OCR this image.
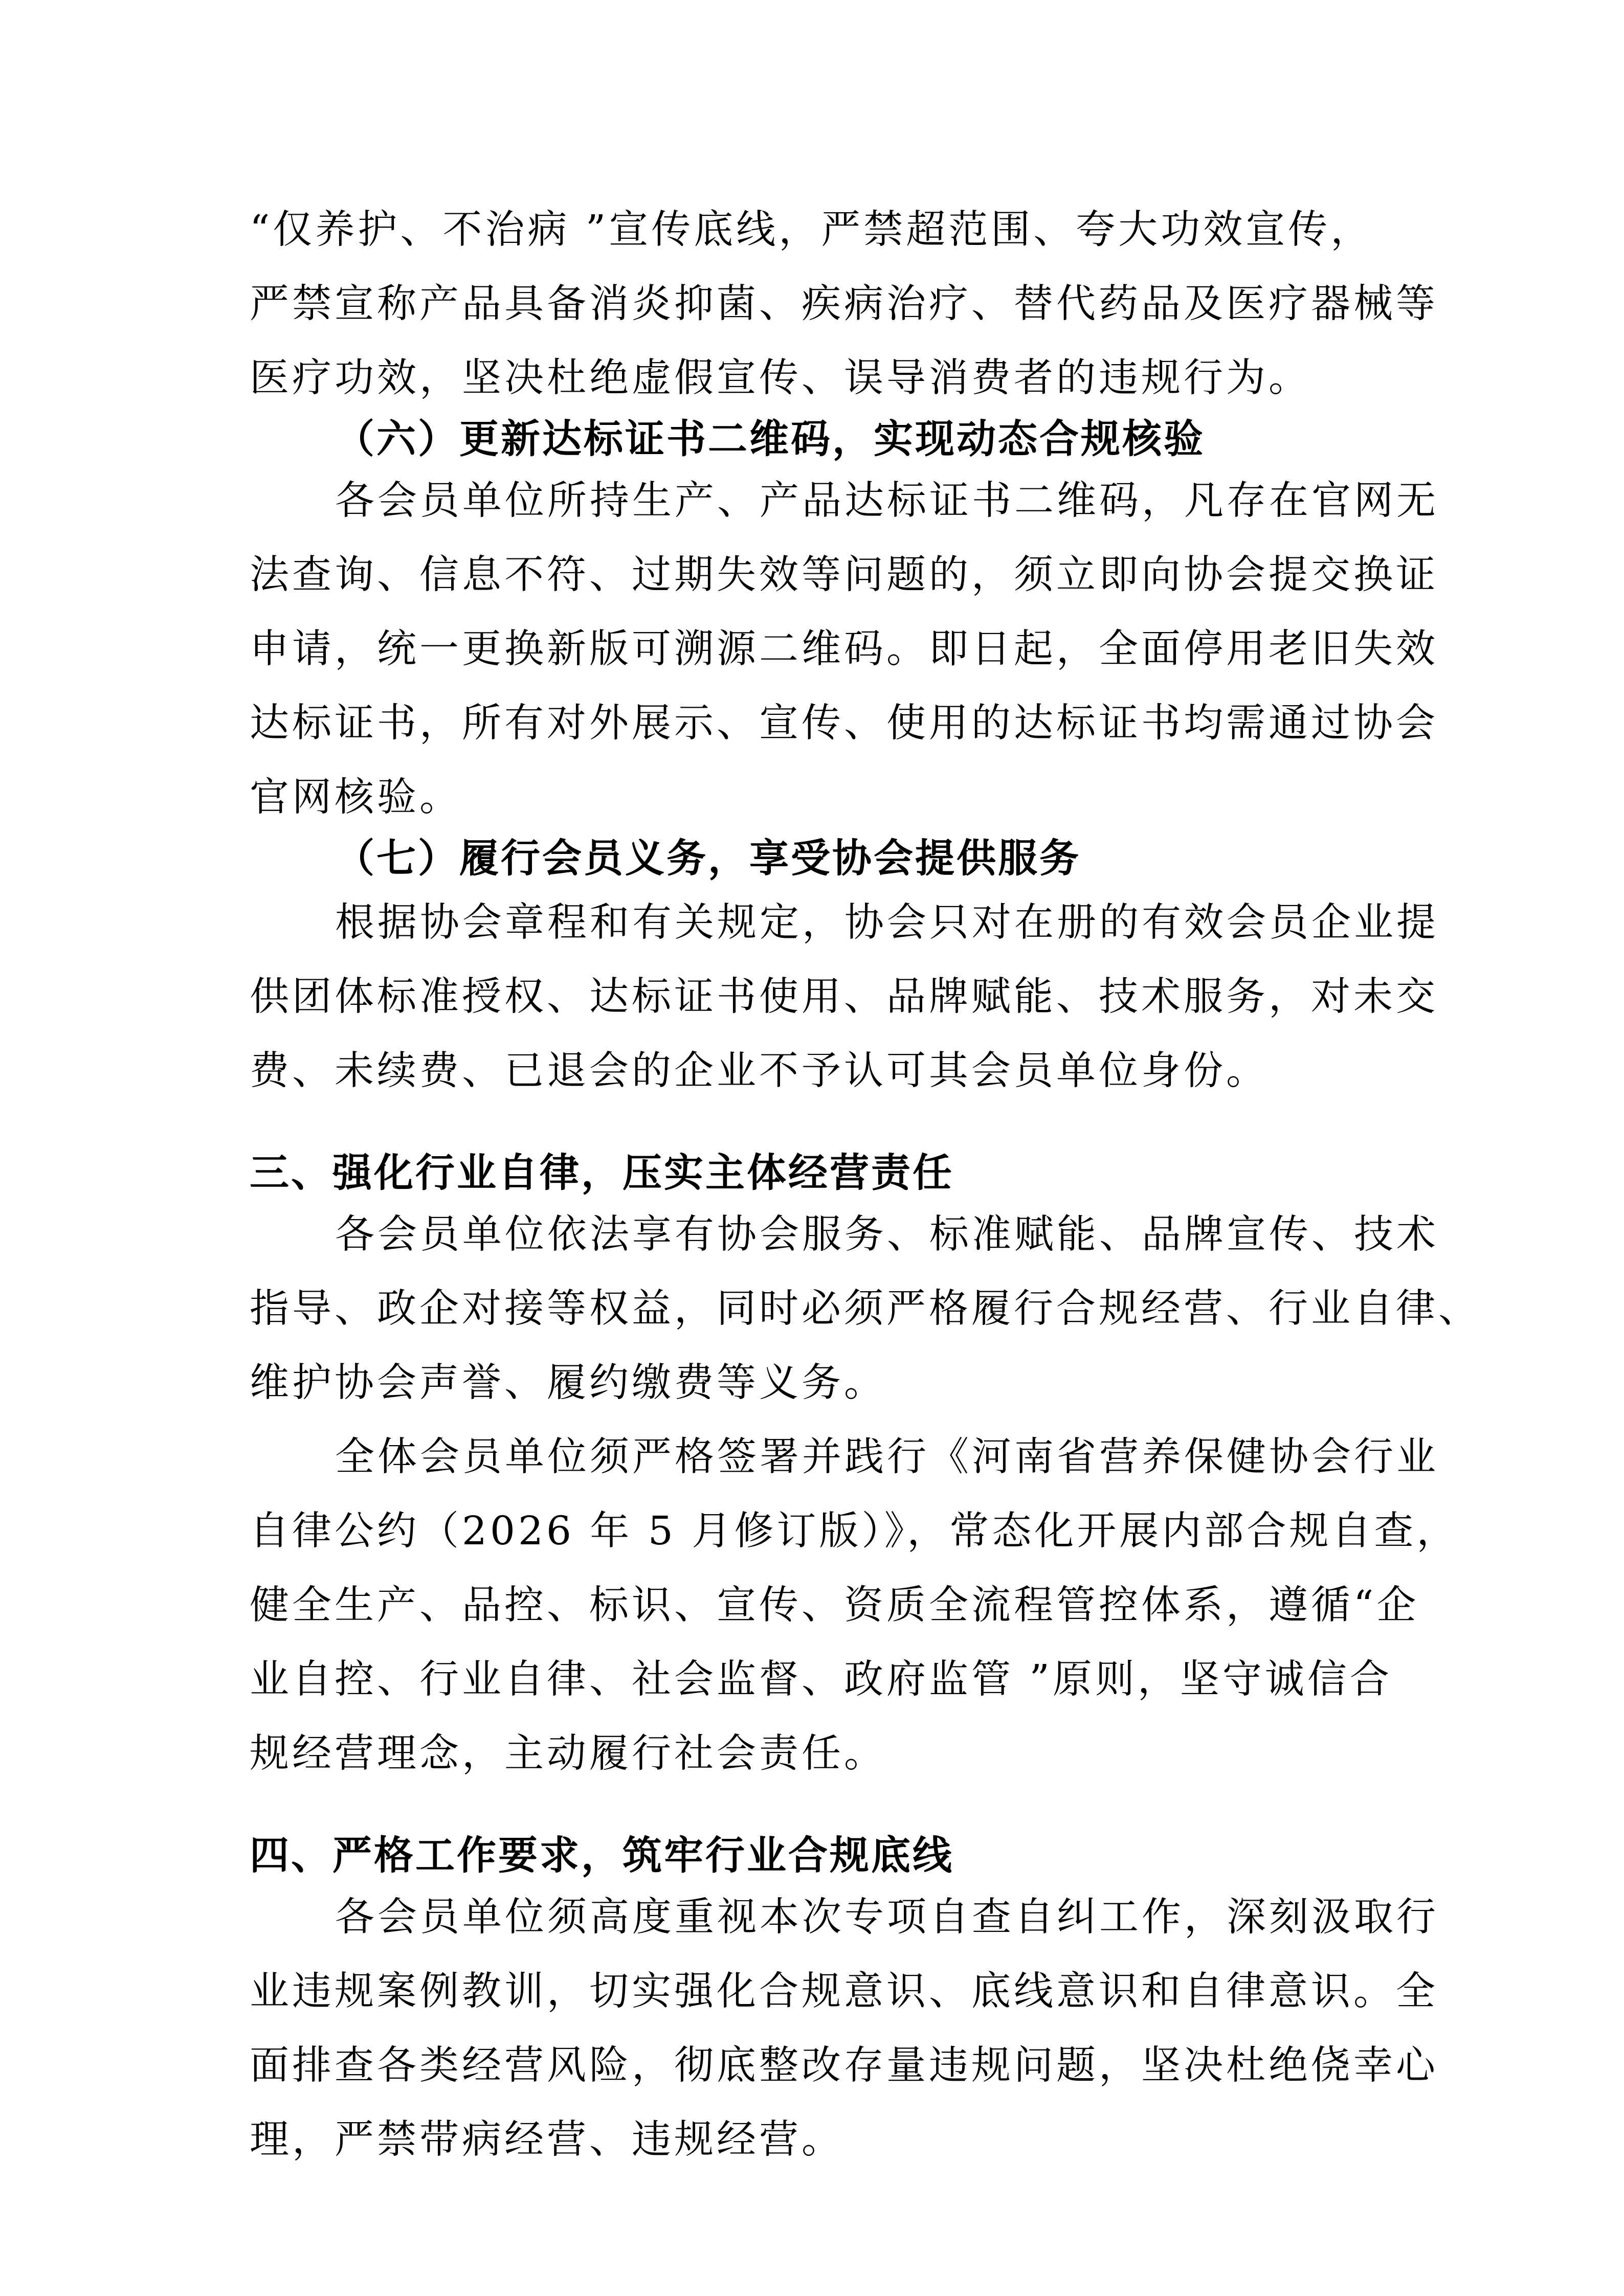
“仅养护、不治病 ”宣传底线，严禁超范围、夸大功效宣传，
严禁宣称产品具备消炎抑菌、疾病治疗、替代药品及医疗器械等
医疗功效，坚决杜绝虚假宣传、误导消费者的违规行为。
（六）更新达标证书二维码，实现动态合规核验
各会员单位所持生产、产品达标证书二维码，凡存在官网无
法查询、信息不符、过期失效等问题的，须立即向协会提交换证
申请，统一更换新版可溯源二维码。即日起，全面停用老旧失效
达标证书，所有对外展示、宣传、使用的达标证书均需通过协会
官网核验。
（七）履行会员义务，享受协会提供服务
根据协会章程和有关规定，协会只对在册的有效会员企业提
供团体标准授权、达标证书使用、品牌赋能、技术服务，对未交
费、未续费、已退会的企业不予认可其会员单位身份。
三、强化行业自律，压实主体经营责任
各会员单位依法享有协会服务、标准赋能、品牌宣传、技术
指导、政企对接等权益，同时必须严格履行合规经营、行业自律、
维护协会声誉、履约缴费等义务。
全体会员单位须严格签署并践行《河南省营养保健协会行业
自律公约（2026 年 5 月修订版）》，常态化开展内部合规自查，
健全生产、品控、标识、宣传、资质全流程管控体系，遵循“企
业自控、行业自律、社会监督、政府监管 ”原则，坚守诚信合
规经营理念，主动履行社会责任。
四、严格工作要求，筑牢行业合规底线
各会员单位须高度重视本次专项自查自纠工作，深刻汲取行
业违规案例教训，切实强化合规意识、底线意识和自律意识。全
面排查各类经营风险，彻底整改存量违规问题，坚决杜绝侥幸心
理，严禁带病经营、违规经营。
